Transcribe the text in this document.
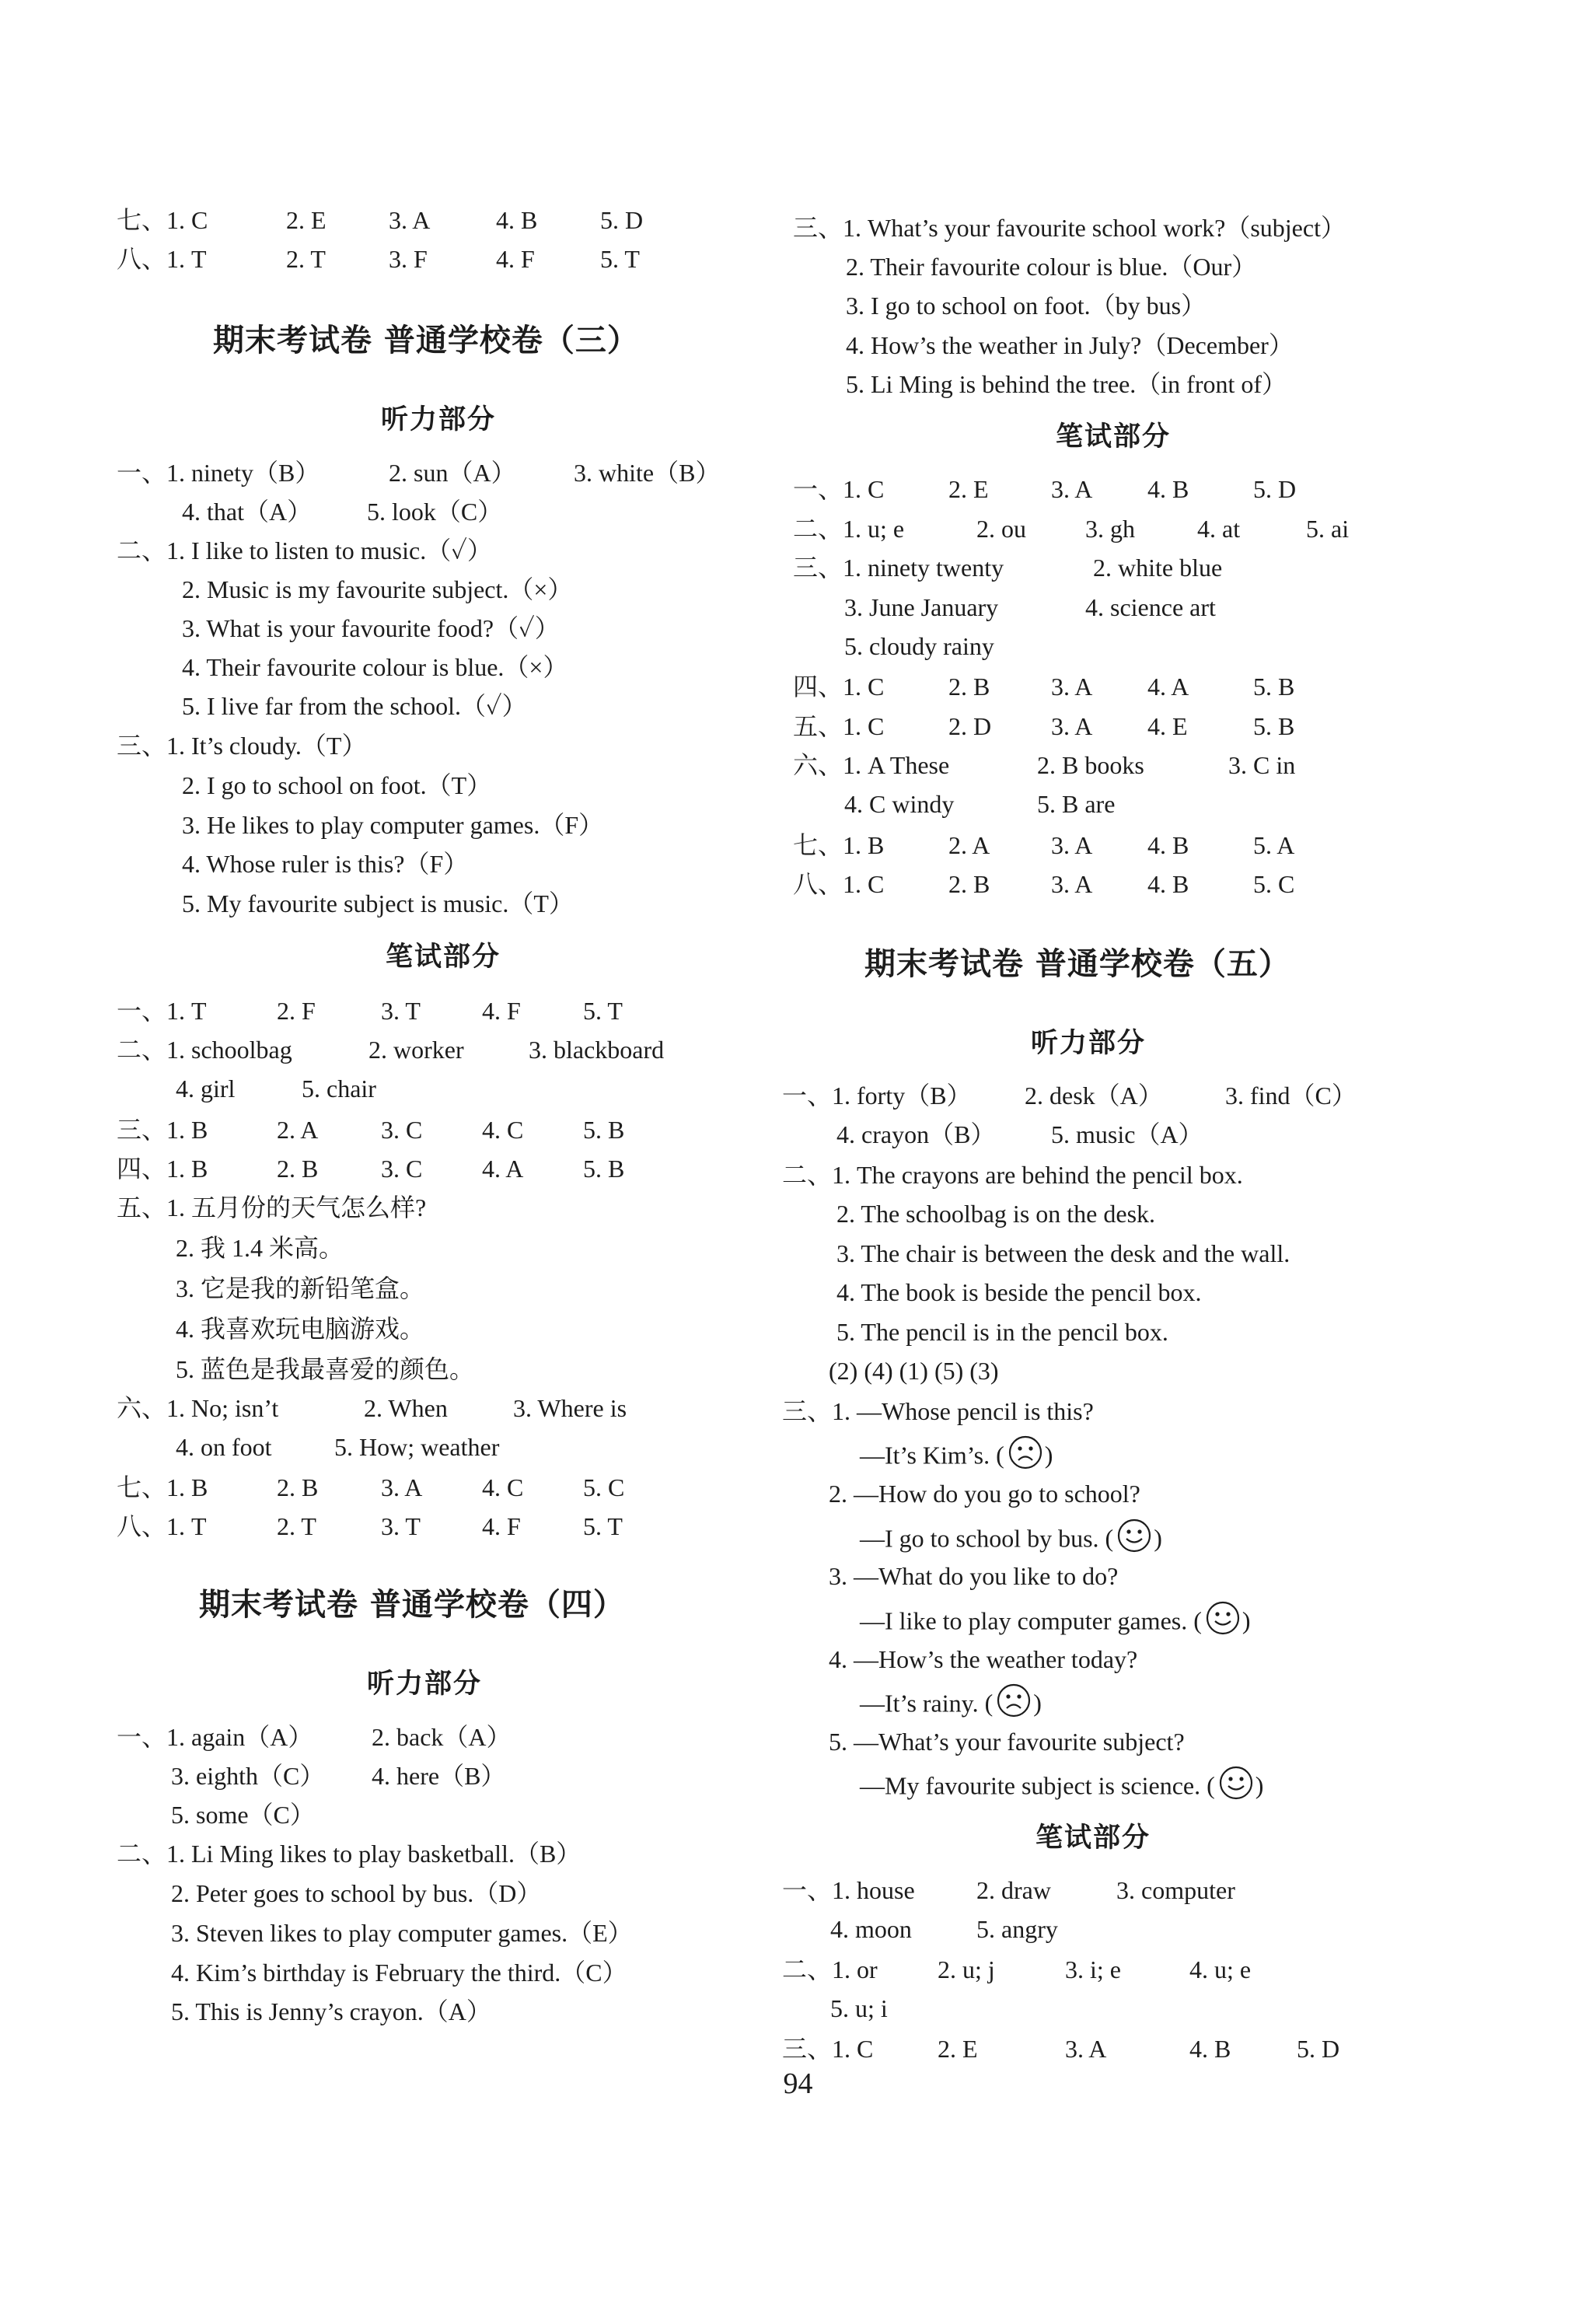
七、1. C	2. E	3. A	4. B	5. D
八、1. T	2. T	3. F	4. F	5. T
期末考试卷 普通学校卷（三）
听力部分
一、1. ninety（B）	2. sun（A） 3. white（B）
4. that（A） 5. look（C）
二、1. I like to listen to music.（✓）
2. Music is my favourite subject.（×）
3. What is your favourite food?（✓）
4. Their favourite colour is blue.（×）
5. I live far from the school.（✓）
三、1. It’s cloudy.（T）
2. I go to school on foot.（T）
3. He likes to play computer games.（F）
4. Whose ruler is this?（F）
5. My favourite subject is music.（T）
笔试部分
一、1. T	2. F	3. T 4. F	5. T
二、1. schoolbag	2. worker	3. blackboard
4. girl	5. chair
三、1. B	2. A	3. C 4. C 5. B
四、1. B	2. B	3. C 4. A 5. B
五、1. 五月份的天气怎么样?
2. 我 1.4 米高。
3. 它是我的新铅笔盒。
4. 我喜欢玩电脑游戏。
5. 蓝色是我最喜爱的颜色。
六、1. No; isn’t	2. When	3. Where is
4. on foot	5. How; weather
七、1. B	2. B	3. A 4. C 5. C
八、1. T	2. T	3. T 4. F	5. T
期末考试卷 普通学校卷（四）
听力部分
一、1. again（A） 2. back（A）
3. eighth（C） 4. here（B）
5. some（C）
二、1. Li Ming likes to play basketball.（B）
2. Peter goes to school by bus.（D）
3. Steven likes to play computer games.（E）
4. Kim’s birthday is February the third.（C）
5. This is Jenny’s crayon.（A）
三、1. What’s your favourite school work?（subject）
2. Their favourite colour is blue.（Our）
3. I go to school on foot.（by bus）
4. How’s the weather in July?（December）
5. Li Ming is behind the tree.（in front of）
笔试部分
一、1. C	2. E	3. A 4. B	5. D
二、1. u; e	2. ou 3. gh	4. at	5. ai
三、1. ninety twenty	2. white blue
3. June January	4. science art
5. cloudy rainy
四、1. C	2. B 3. A 4. A	5. B
五、1. C	2. D 3. A 4. E	5. B
六、1. A These	2. B books	3. C in
4. C windy	5. B are
七、1. B	2. A 3. A 4. B	5. A
八、1. C	2. B 3. A 4. B	5. C
期末考试卷 普通学校卷（五）
听力部分
一、1. forty（B） 2. desk（A）	3. find（C）
4. crayon（B） 5. music（A）
二、1. The crayons are behind the pencil box.
2. The schoolbag is on the desk.
3. The chair is between the desk and the wall.
4. The book is beside the pencil box.
5. The pencil is in the pencil box.
(2) (4) (1) (5) (3)
三、1. —Whose pencil is this?
—It’s Kim’s. ( )
2. —How do you go to school?
—I go to school by bus. ( )
3. —What do you like to do?
—I like to play computer games. ( )
4. —How’s the weather today?
—It’s rainy. ( )
5. —What’s your favourite subject?
—My favourite subject is science. ( )
笔试部分
一、1. house 2. draw	3. computer
4. moon	5. angry
二、1. or 2. u; j	3. i; e	4. u; e
5. u; i
三、1. C	2. E	3. A	4. B	5. D
94
